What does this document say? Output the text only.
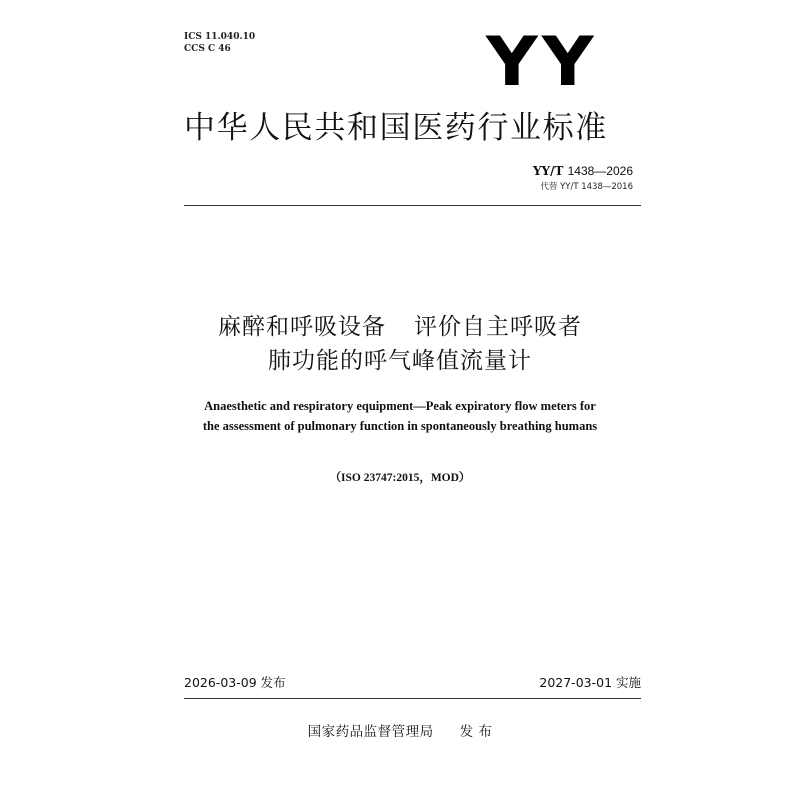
ICS 11.040.10
CCS C 46	YY
中华人民共和国医药行业标准
YY/T 1438—2026
代替 YY/T 1438—2016
麻醉和呼吸设备 评价自主呼吸者
肺功能的呼气峰值流量计
Anaesthetic and respiratory equipment—Peak expiratory flow meters for
the assessment of pulmonary function in spontaneously breathing humans
（ISO 23747:2015，MOD）
2026-03-09 发布	2027-03-01 实施
国家药品监督管理局 发 布
